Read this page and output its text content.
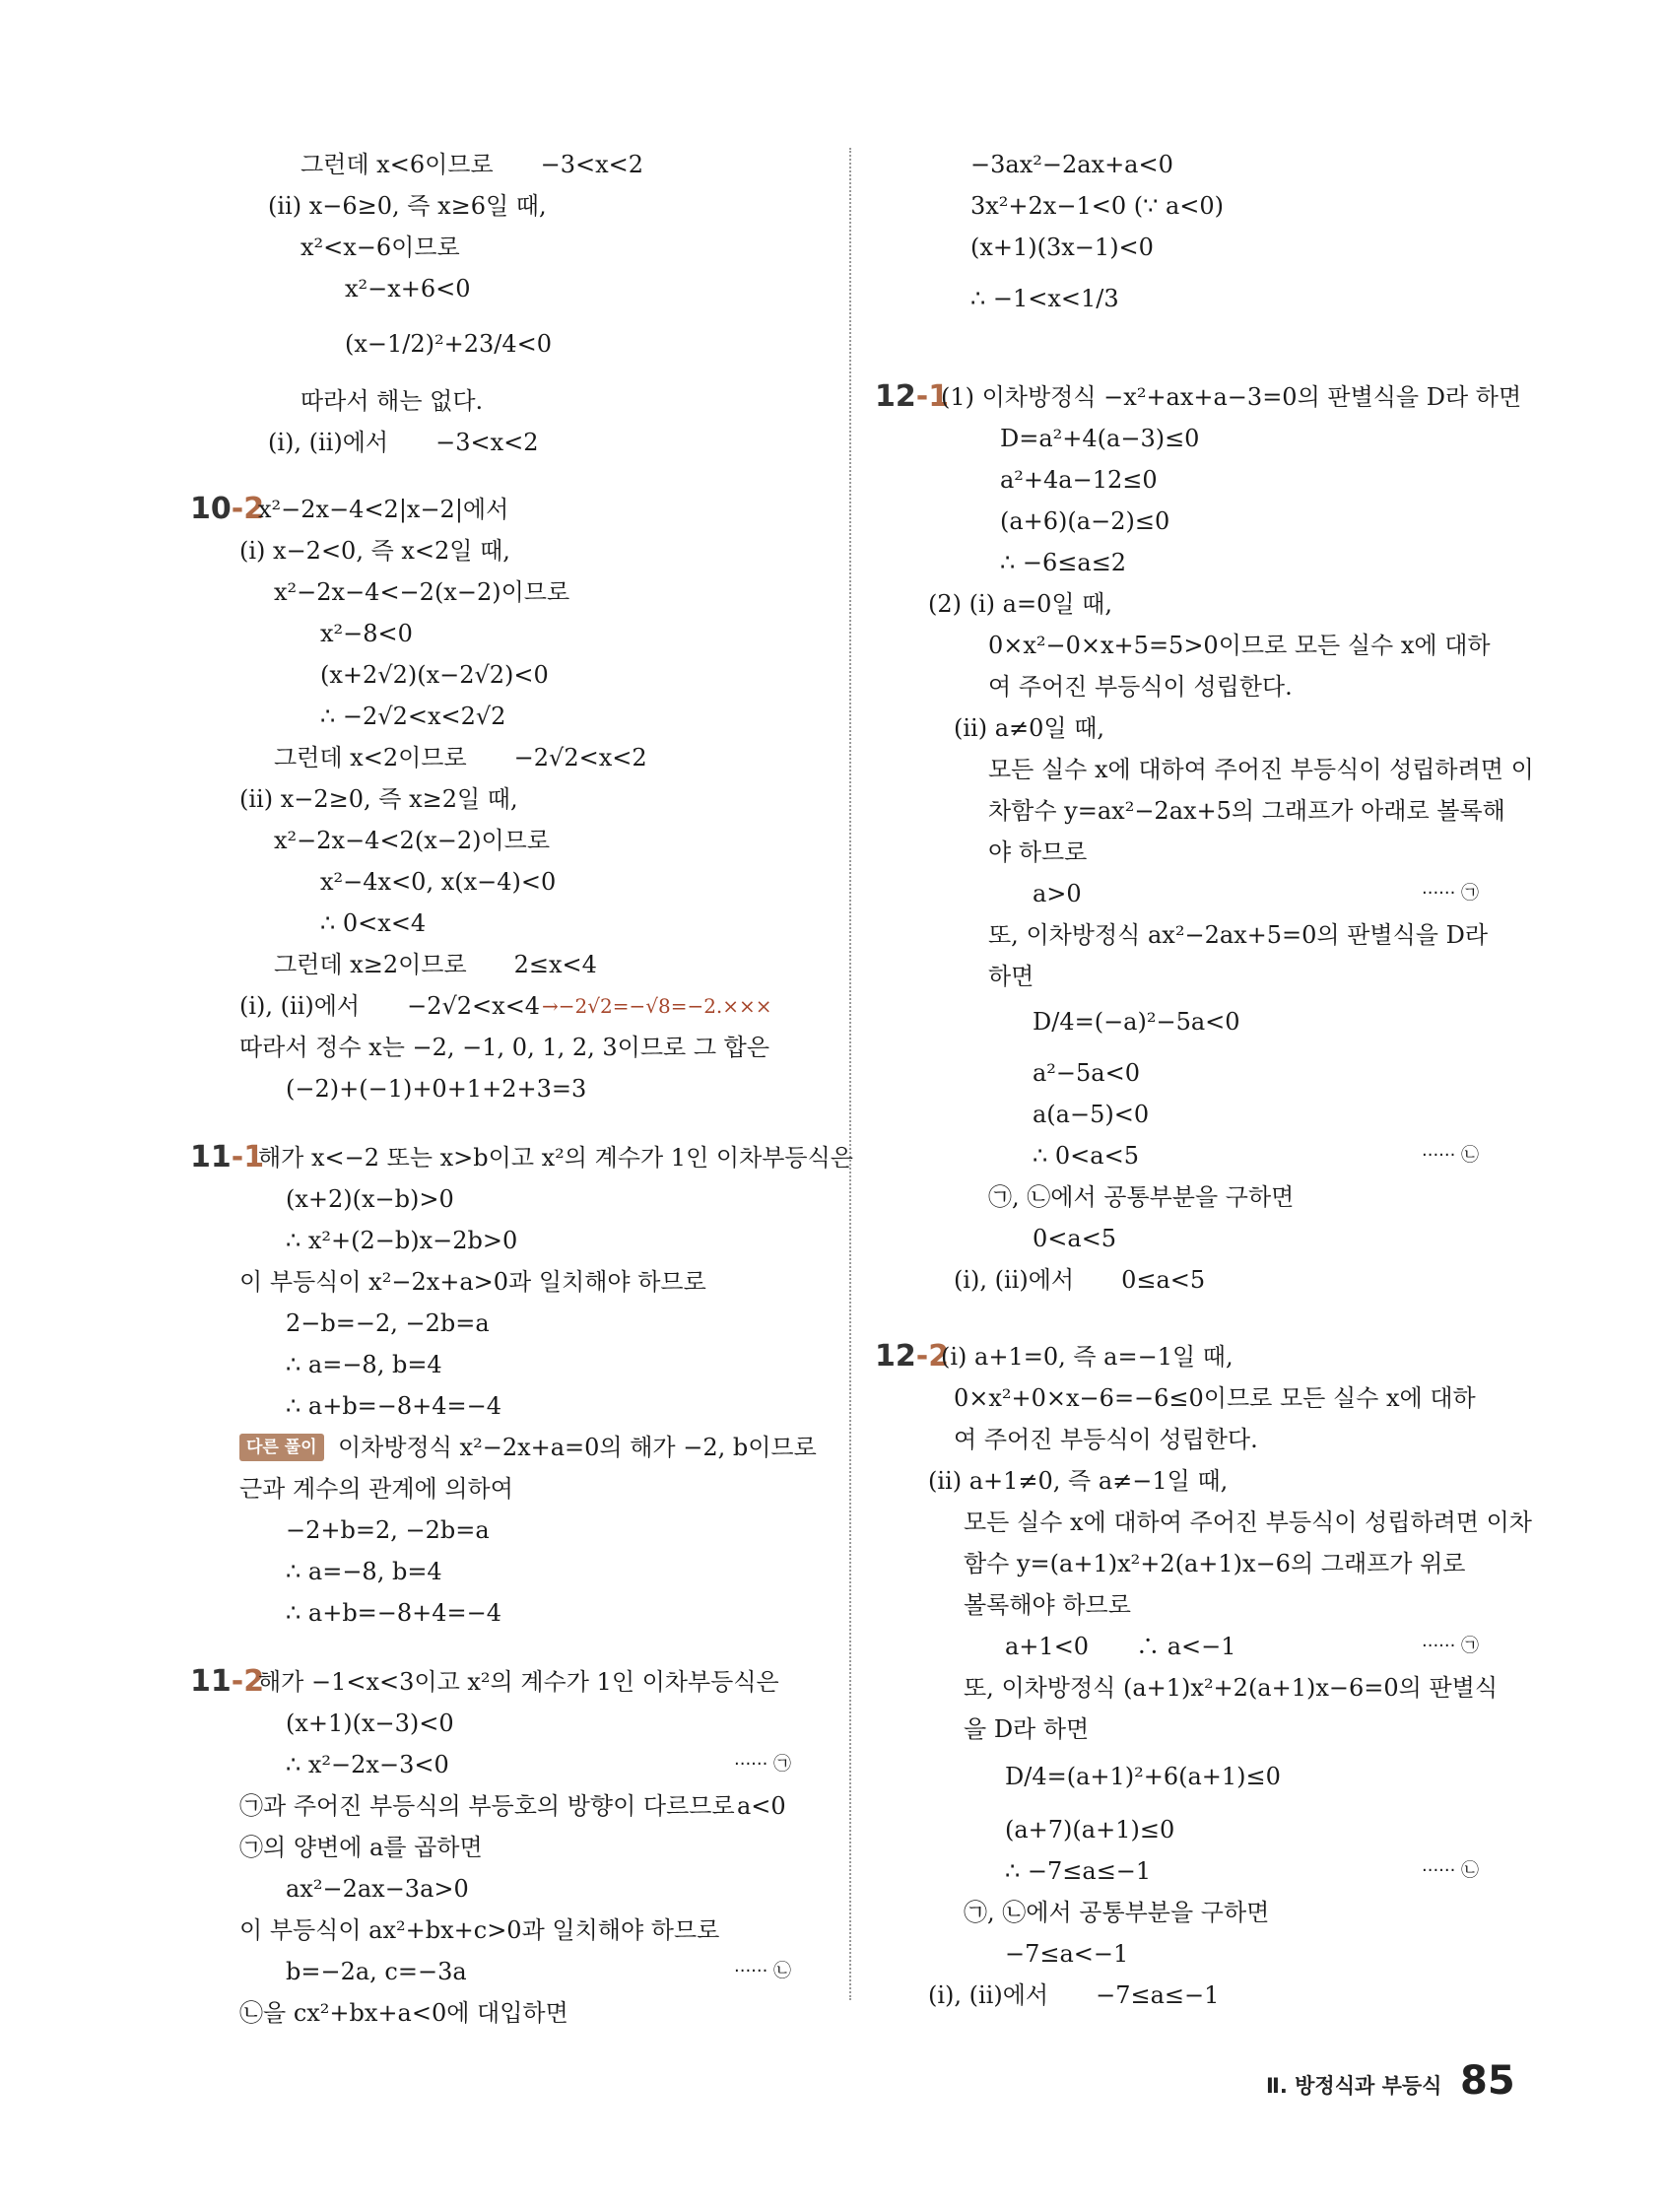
그런데 x<6이므로　　−3<x<2
(ⅱ) x−6≥0, 즉 x≥6일 때,
x²<x−6이므로
x²−x+6<0
(x−1/2)²+23/4<0
따라서 해는 없다.
(ⅰ), (ⅱ)에서　　−3<x<2
10-2
x²−2x−4<2|x−2|에서
(ⅰ) x−2<0, 즉 x<2일 때,
x²−2x−4<−2(x−2)이므로
x²−8<0
(x+2√2)(x−2√2)<0
∴ −2√2<x<2√2
그런데 x<2이므로　　−2√2<x<2
(ⅱ) x−2≥0, 즉 x≥2일 때,
x²−2x−4<2(x−2)이므로
x²−4x<0, x(x−4)<0
∴ 0<x<4
그런데 x≥2이므로　　2≤x<4
(ⅰ), (ⅱ)에서　　−2√2<x<4 →−2√2=−√8=−2.×××
따라서 정수 x는 −2, −1, 0, 1, 2, 3이므로 그 합은
(−2)+(−1)+0+1+2+3=3
11-1
해가 x<−2 또는 x>b이고 x²의 계수가 1인 이차부등식은
(x+2)(x−b)>0
∴ x²+(2−b)x−2b>0
이 부등식이 x²−2x+a>0과 일치해야 하므로
2−b=−2, −2b=a
∴ a=−8, b=4
∴ a+b=−8+4=−4
다른 풀이 이차방정식 x²−2x+a=0의 해가 −2, b이므로
근과 계수의 관계에 의하여
−2+b=2, −2b=a
∴ a=−8, b=4
∴ a+b=−8+4=−4
11-2
해가 −1<x<3이고 x²의 계수가 1인 이차부등식은
(x+1)(x−3)<0
∴ x²−2x−3<0	······ ㉠
㉠과 주어진 부등식의 부등호의 방향이 다르므로 a<0
㉠의 양변에 a를 곱하면
ax²−2ax−3a>0
이 부등식이 ax²+bx+c>0과 일치해야 하므로
b=−2a, c=−3a	······ ㉡
㉡을 cx²+bx+a<0에 대입하면
−3ax²−2ax+a<0
3x²+2x−1<0 (∵ a<0)
(x+1)(3x−1)<0
∴ −1<x<1/3
12-1
(1) 이차방정식 −x²+ax+a−3=0의 판별식을 D라 하면
D=a²+4(a−3)≤0
a²+4a−12≤0
(a+6)(a−2)≤0
∴ −6≤a≤2
(2) (ⅰ) a=0일 때,
0×x²−0×x+5=5>0이므로 모든 실수 x에 대하
여 주어진 부등식이 성립한다.
(ⅱ) a≠0일 때,
모든 실수 x에 대하여 주어진 부등식이 성립하려면 이
차함수 y=ax²−2ax+5의 그래프가 아래로 볼록해
야 하므로
a>0	······ ㉠
또, 이차방정식 ax²−2ax+5=0의 판별식을 D라
하면
D/4=(−a)²−5a<0
a²−5a<0
a(a−5)<0
∴ 0<a<5	······ ㉡
㉠, ㉡에서 공통부분을 구하면
0<a<5
(ⅰ), (ⅱ)에서　　0≤a<5
12-2
(ⅰ) a+1=0, 즉 a=−1일 때,
0×x²+0×x−6=−6≤0이므로 모든 실수 x에 대하
여 주어진 부등식이 성립한다.
(ⅱ) a+1≠0, 즉 a≠−1일 때,
모든 실수 x에 대하여 주어진 부등식이 성립하려면 이차
함수 y=(a+1)x²+2(a+1)x−6의 그래프가 위로
볼록해야 하므로
a+1<0　　∴ a<−1	······ ㉠
또, 이차방정식 (a+1)x²+2(a+1)x−6=0의 판별식
을 D라 하면
D/4=(a+1)²+6(a+1)≤0
(a+7)(a+1)≤0
∴ −7≤a≤−1	······ ㉡
㉠, ㉡에서 공통부분을 구하면
−7≤a<−1
(ⅰ), (ⅱ)에서　　−7≤a≤−1
Ⅱ. 방정식과 부등식 85
